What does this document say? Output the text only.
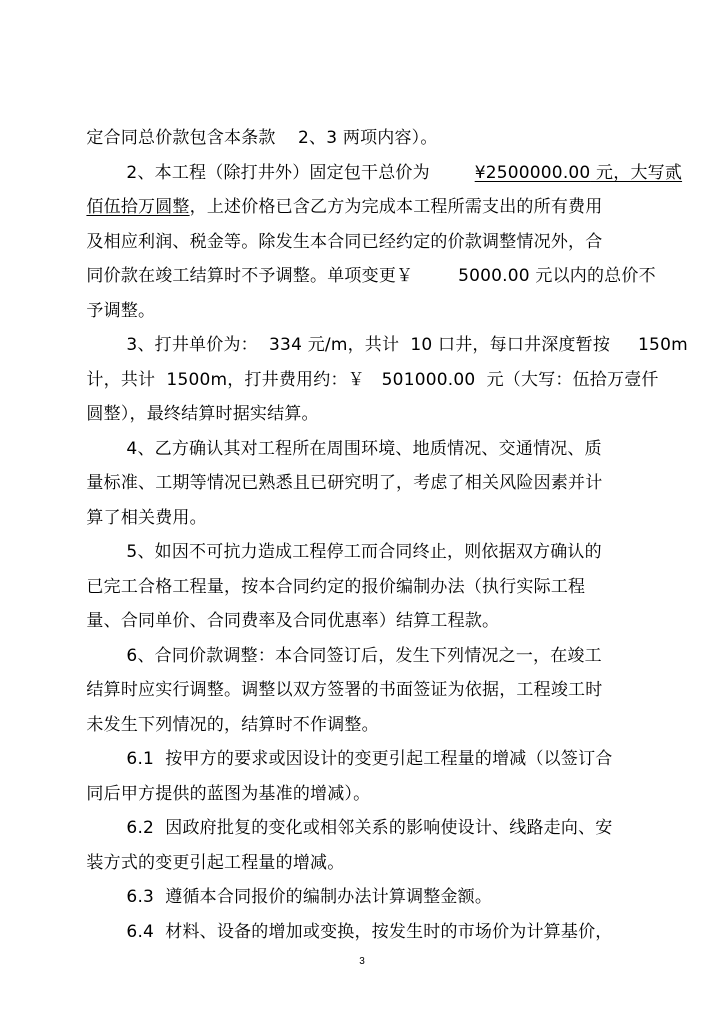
定合同总价款包含本条款    2、3 两项内容）。

2、本工程（除打井外）固定包干总价为	¥2500000.00 元，大写贰

佰伍拾万圆整，上述价格已含乙方为完成本工程所需支出的所有费用

及相应利润、税金等。除发生本合同已经约定的价款调整情况外，合

同价款在竣工结算时不予调整。单项变更￥        5000.00 元以内的总价不

予调整。

3、打井单价为：  334 元/m，共计  10 口井，每口井深度暂按     150m

计，共计  1500m，打井费用约：￥   501000.00  元（大写：伍拾万壹仟

圆整），最终结算时据实结算。

4、乙方确认其对工程所在周围环境、地质情况、交通情况、质

量标准、工期等情况已熟悉且已研究明了，考虑了相关风险因素并计

算了相关费用。

5、如因不可抗力造成工程停工而合同终止，则依据双方确认的

已完工合格工程量，按本合同约定的报价编制办法（执行实际工程

量、合同单价、合同费率及合同优惠率）结算工程款。

6、合同价款调整：本合同签订后，发生下列情况之一，在竣工

结算时应实行调整。调整以双方签署的书面签证为依据，工程竣工时

未发生下列情况的，结算时不作调整。

6.1  按甲方的要求或因设计的变更引起工程量的增减（以签订合

同后甲方提供的蓝图为基准的增减）。

6.2  因政府批复的变化或相邻关系的影响使设计、线路走向、安

装方式的变更引起工程量的增减。

6.3  遵循本合同报价的编制办法计算调整金额。

6.4  材料、设备的增加或变换，按发生时的市场价为计算基价，

3
